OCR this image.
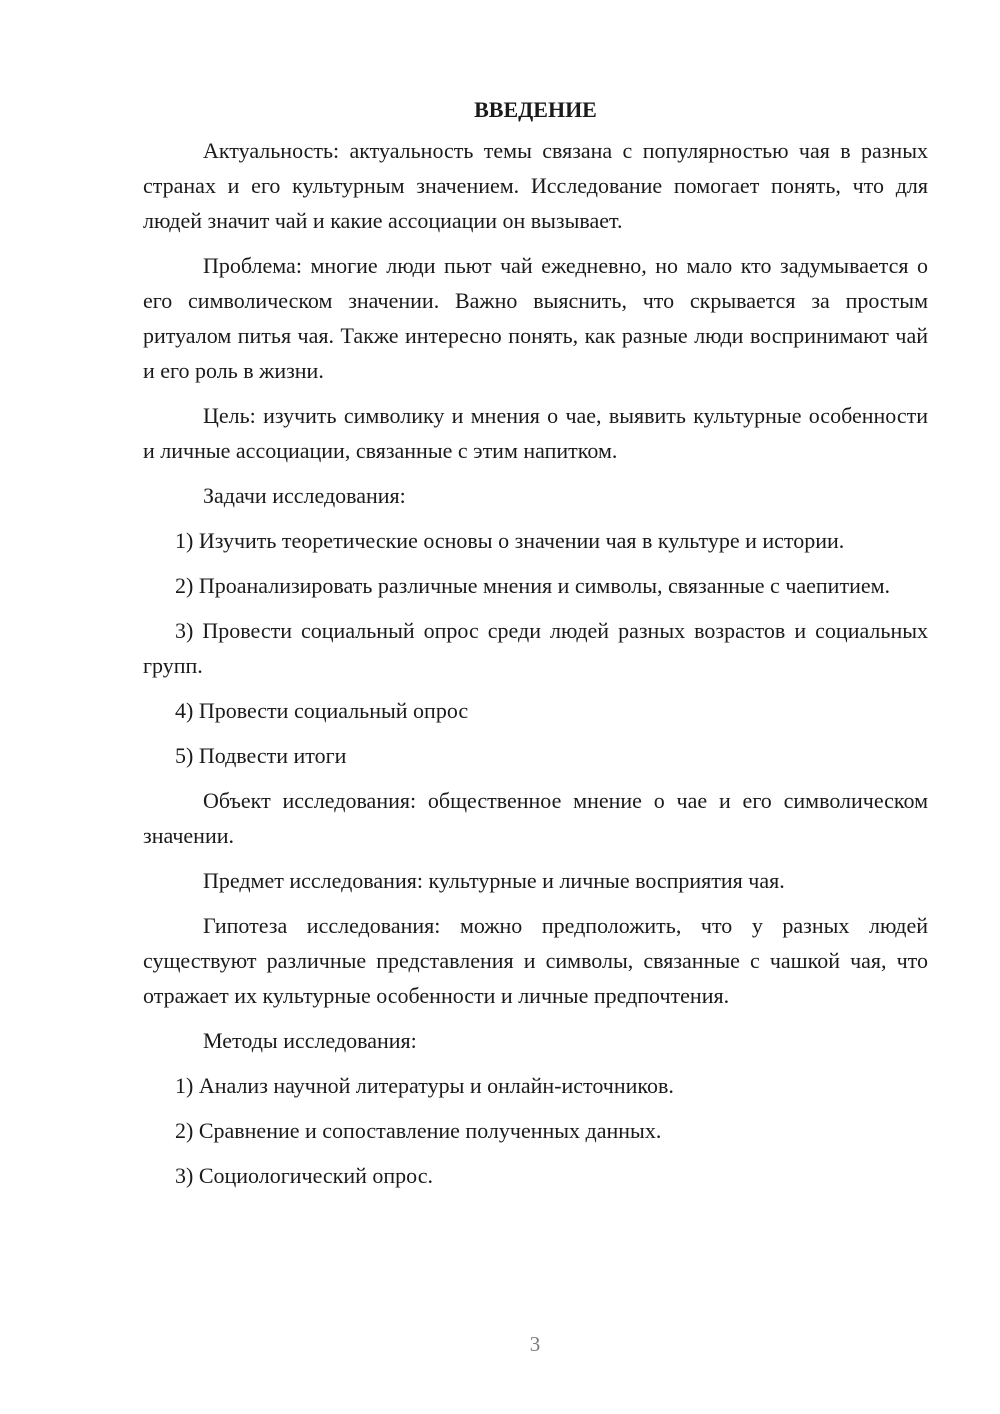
ВВЕДЕНИЕ

Актуальность: актуальность темы связана с популярностью чая в разных странах и его культурным значением. Исследование помогает понять, что для людей значит чай и какие ассоциации он вызывает.

Проблема: многие люди пьют чай ежедневно, но мало кто задумывается о его символическом значении. Важно выяснить, что скрывается за простым ритуалом питья чая. Также интересно понять, как разные люди воспринимают чай и его роль в жизни.

Цель: изучить символику и мнения о чае, выявить культурные особенности и личные ассоциации, связанные с этим напитком.

Задачи исследования:

1) Изучить теоретические основы о значении чая в культуре и истории.

2) Проанализировать различные мнения и символы, связанные с чаепитием.

3) Провести социальный опрос среди людей разных возрастов и социальных групп.

4) Провести социальный опрос

5) Подвести итоги

Объект исследования: общественное мнение о чае и его символическом значении.

Предмет исследования: культурные и личные восприятия чая.

Гипотеза исследования: можно предположить, что у разных людей существуют различные представления и символы, связанные с чашкой чая, что отражает их культурные особенности и личные предпочтения.

Методы исследования:

1) Анализ научной литературы и онлайн-источников.

2) Сравнение и сопоставление полученных данных.

3) Социологический опрос.

3
